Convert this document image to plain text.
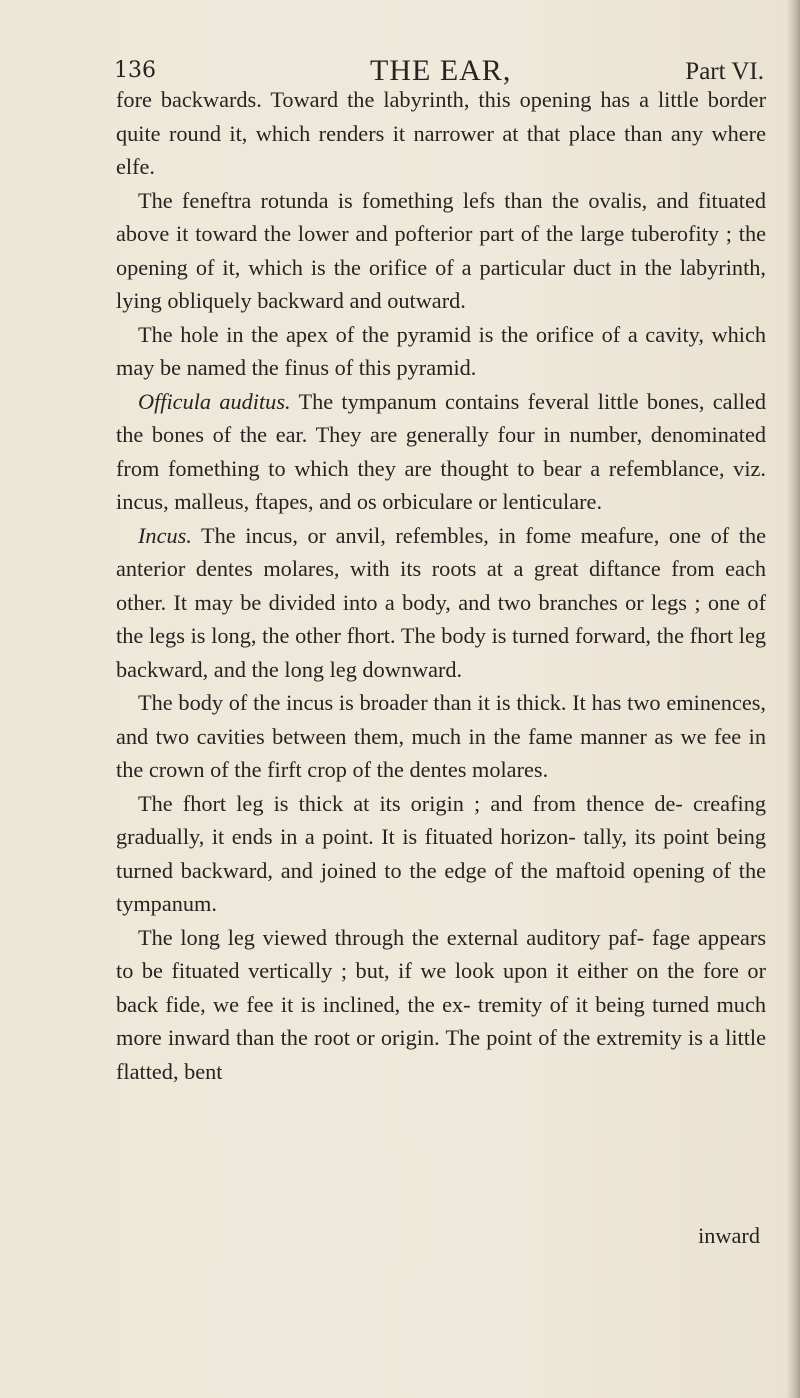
136	THE EAR,	Part VI.

fore backwards. Toward the labyrinth, this opening has a little border quite round it, which renders it narrower at that place than any where elfe.

The feneftra rotunda is fomething lefs than the ovalis, and fituated above it toward the lower and pofterior part of the large tuberofity ; the opening of it, which is the orifice of a particular duct in the labyrinth, lying obliquely backward and outward.

The hole in the apex of the pyramid is the orifice of a cavity, which may be named the finus of this pyramid.

Officula auditus. The tympanum contains feveral little bones, called the bones of the ear. They are generally four in number, denominated from fomething to which they are thought to bear a refemblance, viz. incus, malleus, ftapes, and os orbiculare or lenticulare.

Incus. The incus, or anvil, refembles, in fome meafure, one of the anterior dentes molares, with its roots at a great diftance from each other. It may be divided into a body, and two branches or legs ; one of the legs is long, the other fhort. The body is turned forward, the fhort leg backward, and the long leg downward.

The body of the incus is broader than it is thick. It has two eminences, and two cavities between them, much in the fame manner as we fee in the crown of the firft crop of the dentes molares.

The fhort leg is thick at its origin ; and from thence de- creafing gradually, it ends in a point. It is fituated horizon- tally, its point being turned backward, and joined to the edge of the maftoid opening of the tympanum.

The long leg viewed through the external auditory paf- fage appears to be fituated vertically ; but, if we look upon it either on the fore or back fide, we fee it is inclined, the ex- tremity of it being turned much more inward than the root or origin. The point of the extremity is a little flatted, bent

inward
